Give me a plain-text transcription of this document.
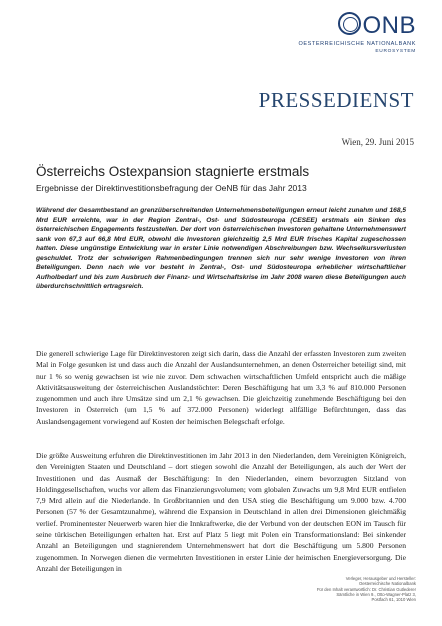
ONB
OESTERREICHISCHE NATIONALBANK
EUROSYSTEM
PRESSEDIENST
Wien, 29. Juni 2015
Österreichs Ostexpansion stagnierte erstmals
Ergebnisse der Direktinvestitionsbefragung der OeNB für das Jahr 2013

Während der Gesamtbestand an grenzüberschreitenden Unternehmensbeteiligungen erneut leicht zunahm und 168,5 Mrd EUR erreichte, war in der Region Zentral-, Ost- und Südosteuropa (CESEE) erstmals ein Sinken des österreichischen Engagements festzustellen. Der dort von österreichischen Investoren gehaltene Unternehmenswert sank von 67,3 auf 66,8 Mrd EUR, obwohl die Investoren gleichzeitig 2,5 Mrd EUR frisches Kapital zugeschossen hatten. Diese ungünstige Entwicklung war in erster Linie notwendigen Abschreibungen bzw. Wechselkursverlusten geschuldet. Trotz der schwierigen Rahmenbedingungen trennen sich nur sehr wenige Investoren von ihren Beteiligungen. Denn nach wie vor besteht in Zentral-, Ost- und Südosteuropa erheblicher wirtschaftlicher Aufholbedarf und bis zum Ausbruch der Finanz- und Wirtschaftskrise im Jahr 2008 waren diese Beteiligungen auch überdurchschnittlich ertragsreich.

Die generell schwierige Lage für Direktinvestoren zeigt sich darin, dass die Anzahl der erfassten Investoren zum zweiten Mal in Folge gesunken ist und dass auch die Anzahl der Auslandsunternehmen, an denen Österreicher beteiligt sind, mit nur 1 % so wenig gewachsen ist wie nie zuvor. Dem schwachen wirtschaftlichen Umfeld entspricht auch die mäßige Aktivitätsausweitung der österreichischen Auslandstöchter: Deren Beschäftigung hat um 3,3 % auf 810.000 Personen zugenommen und auch ihre Umsätze sind um 2,1 % gewachsen. Die gleichzeitig zunehmende Beschäftigung bei den Investoren in Österreich (um 1,5 % auf 372.000 Personen) widerlegt allfällige Befürchtungen, dass das Auslandsengagement vorwiegend auf Kosten der heimischen Belegschaft erfolge.

Die größte Ausweitung erfuhren die Direktinvestitionen im Jahr 2013 in den Niederlanden, dem Vereinigten Königreich, den Vereinigten Staaten und Deutschland – dort stiegen sowohl die Anzahl der Beteiligungen, als auch der Wert der Investitionen und das Ausmaß der Beschäftigung: In den Niederlanden, einem bevorzugten Sitzland von Holdinggesellschaften, wuchs vor allem das Finanzierungsvolumen; vom globalen Zuwachs um 9,8 Mrd EUR entfielen 7,9 Mrd allein auf die Niederlande. In Großbritannien und den USA stieg die Beschäftigung um 9.000 bzw. 4.700 Personen (57 % der Gesamtzunahme), während die Expansion in Deutschland in allen drei Dimensionen gleichmäßig verlief. Prominentester Neuerwerb waren hier die Innkraftwerke, die der Verbund von der deutschen EON im Tausch für seine türkischen Beteiligungen erhalten hat. Erst auf Platz 5 liegt mit Polen ein Transformationsland: Bei sinkender Anzahl an Beteiligungen und stagnierendem Unternehmenswert hat dort die Beschäftigung um 5.800 Personen zugenommen. In Norwegen dienen die vermehrten Investitionen in erster Linie der heimischen Energieversorgung. Die Anzahl der Beteiligungen in

Verleger, Herausgeber und Hersteller:
Oesterreichische Nationalbank
Für den Inhalt verantwortlich: Dr. Christian Gutlederer
Sämtliche in Wien 9., Otto-Wagner-Platz 3,
Postfach 61, 1010 Wien
